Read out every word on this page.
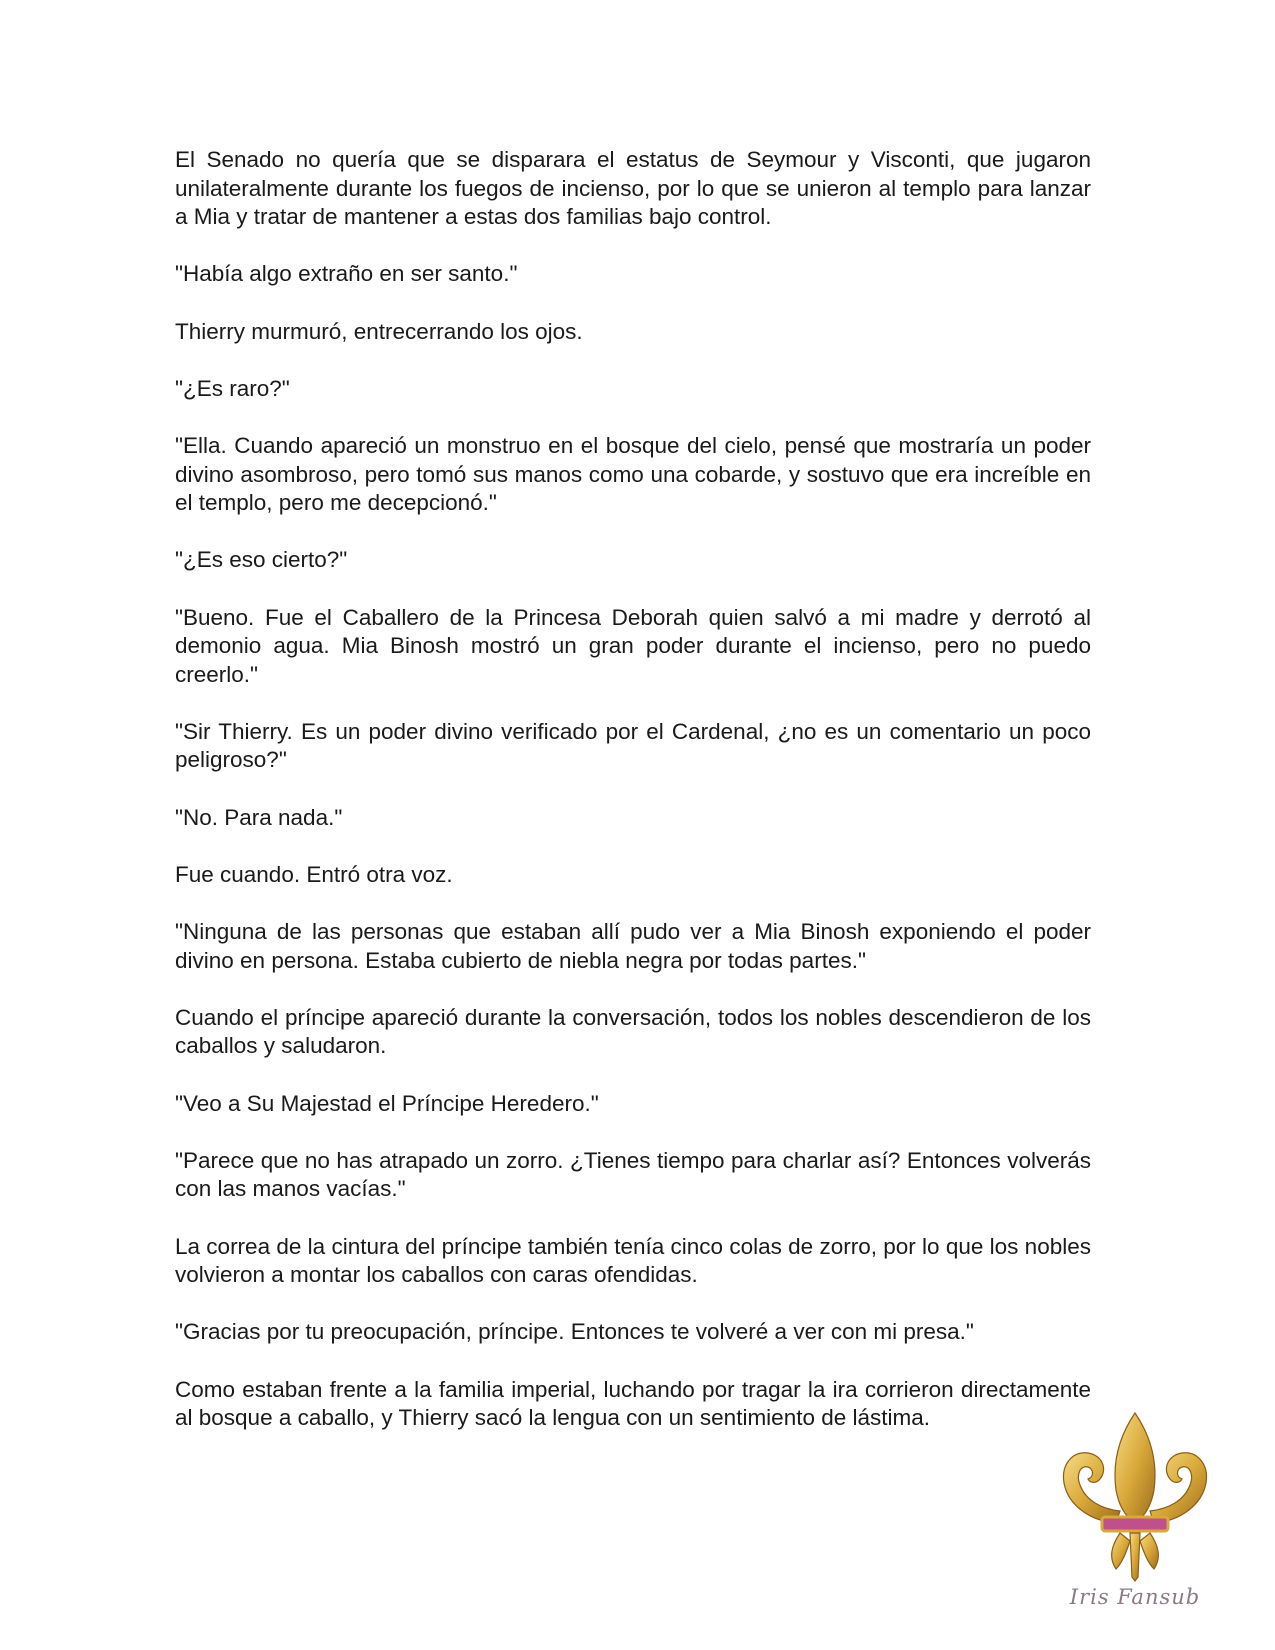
El Senado no quería que se disparara el estatus de Seymour y Visconti, que jugaron unilateralmente durante los fuegos de incienso, por lo que se unieron al templo para lanzar a Mia y tratar de mantener a estas dos familias bajo control.

"Había algo extraño en ser santo."

Thierry murmuró, entrecerrando los ojos.

"¿Es raro?"

"Ella. Cuando apareció un monstruo en el bosque del cielo, pensé que mostraría un poder divino asombroso, pero tomó sus manos como una cobarde, y sostuvo que era increíble en el templo, pero me decepcionó."

"¿Es eso cierto?"

"Bueno. Fue el Caballero de la Princesa Deborah quien salvó a mi madre y derrotó al demonio agua. Mia Binosh mostró un gran poder durante el incienso, pero no puedo creerlo."

"Sir Thierry. Es un poder divino verificado por el Cardenal, ¿no es un comentario un poco peligroso?"

"No. Para nada."

Fue cuando. Entró otra voz.

"Ninguna de las personas que estaban allí pudo ver a Mia Binosh exponiendo el poder divino en persona. Estaba cubierto de niebla negra por todas partes."

Cuando el príncipe apareció durante la conversación, todos los nobles descendieron de los caballos y saludaron.

"Veo a Su Majestad el Príncipe Heredero."

"Parece que no has atrapado un zorro. ¿Tienes tiempo para charlar así? Entonces volverás con las manos vacías."

La correa de la cintura del príncipe también tenía cinco colas de zorro, por lo que los nobles volvieron a montar los caballos con caras ofendidas.

"Gracias por tu preocupación, príncipe. Entonces te volveré a ver con mi presa."

Como estaban frente a la familia imperial, luchando por tragar la ira corrieron directamente al bosque a caballo, y Thierry sacó la lengua con un sentimiento de lástima.

Iris Fansub
